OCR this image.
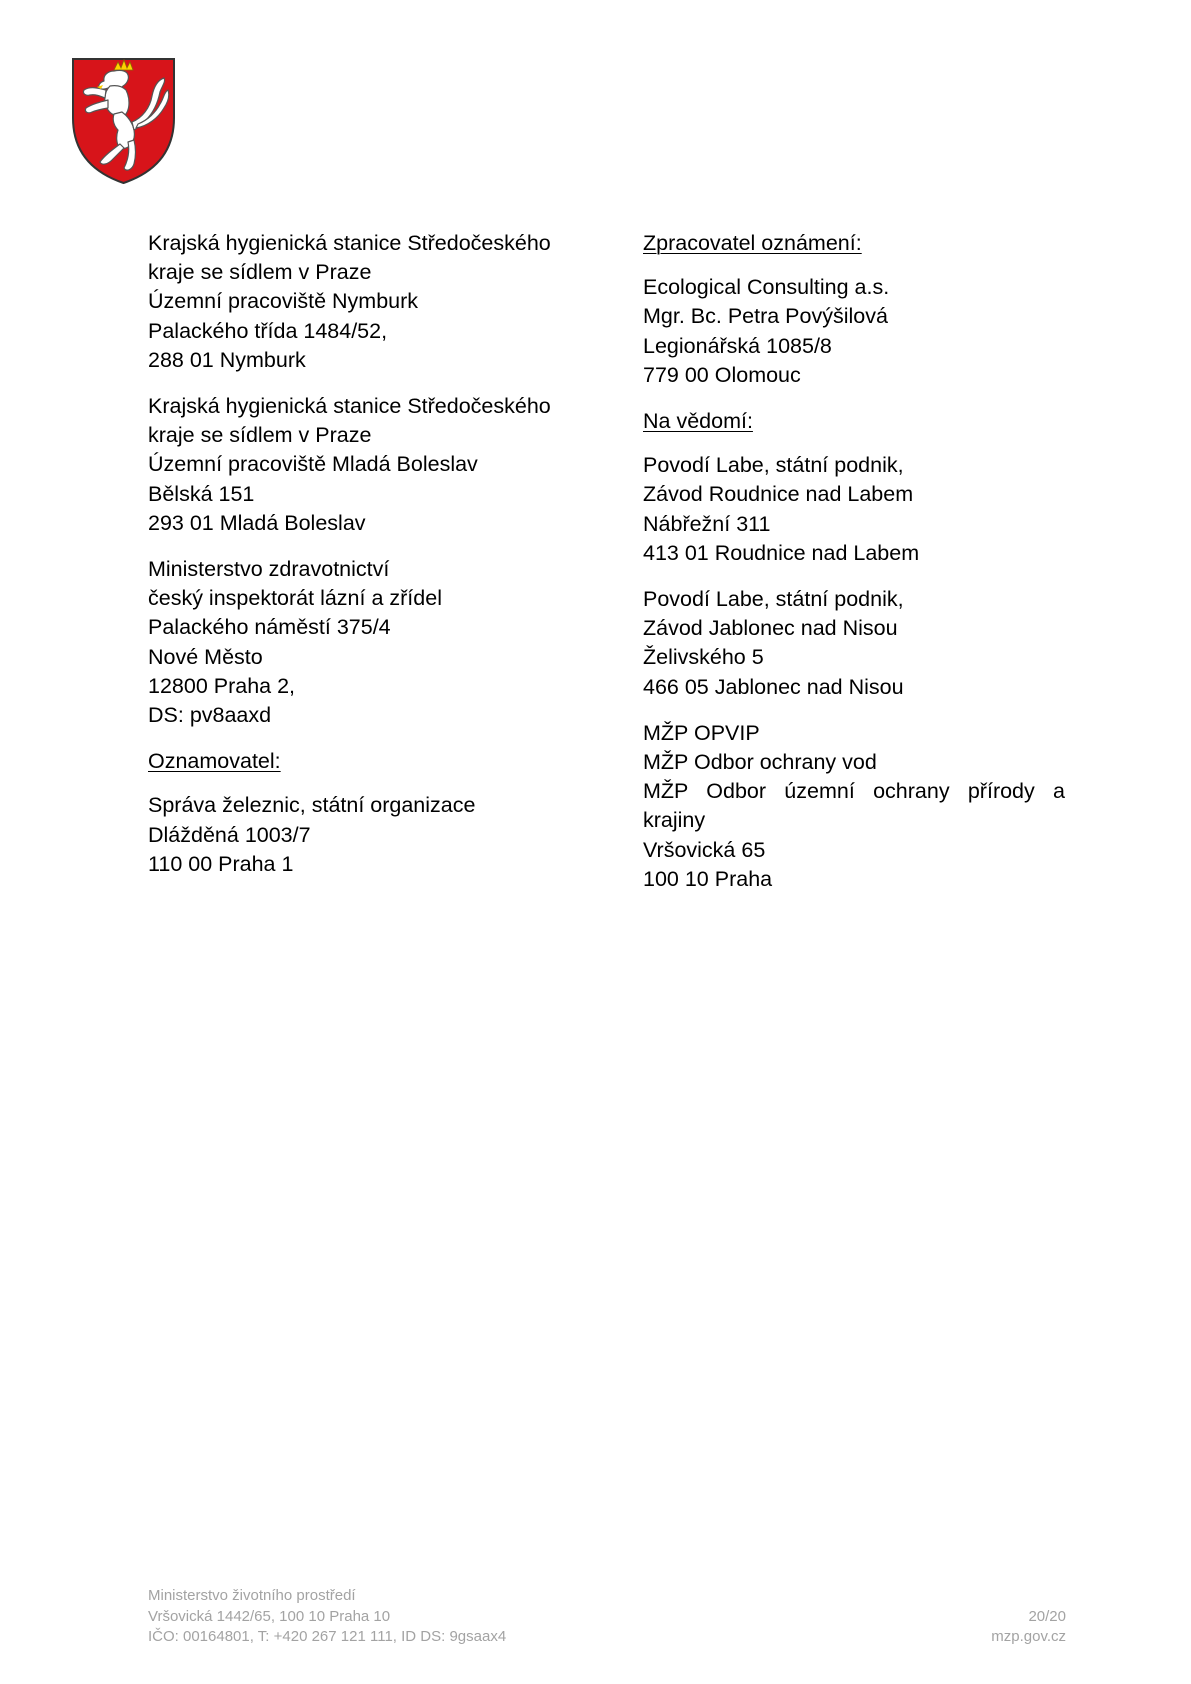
Krajská hygienická stanice Středočeského
kraje se sídlem v Praze
Územní pracoviště Nymburk
Palackého třída 1484/52,
288 01 Nymburk
Krajská hygienická stanice Středočeského
kraje se sídlem v Praze
Územní pracoviště Mladá Boleslav
Bělská 151
293 01 Mladá Boleslav
Ministerstvo zdravotnictví
český inspektorát lázní a zřídel
Palackého náměstí 375/4
Nové Město
12800 Praha 2,
DS: pv8aaxd
Oznamovatel:
Správa železnic, státní organizace
Dlážděná 1003/7
110 00 Praha 1
Zpracovatel oznámení:
Ecological Consulting a.s.
Mgr. Bc. Petra Povýšilová
Legionářská 1085/8
779 00 Olomouc
Na vědomí:
Povodí Labe, státní podnik,
Závod Roudnice nad Labem
Nábřežní 311
413 01 Roudnice nad Labem
Povodí Labe, státní podnik,
Závod Jablonec nad Nisou
Želivského 5
466 05 Jablonec nad Nisou
MŽP OPVIP
MŽP Odbor ochrany vod
MŽP Odbor územní ochrany přírody a
krajiny
Vršovická 65
100 10 Praha
Ministerstvo životního prostředí
Vršovická 1442/65, 100 10 Praha 10
IČO: 00164801, T: +420 267 121 111, ID DS: 9gsaax4
20/20
mzp.gov.cz
